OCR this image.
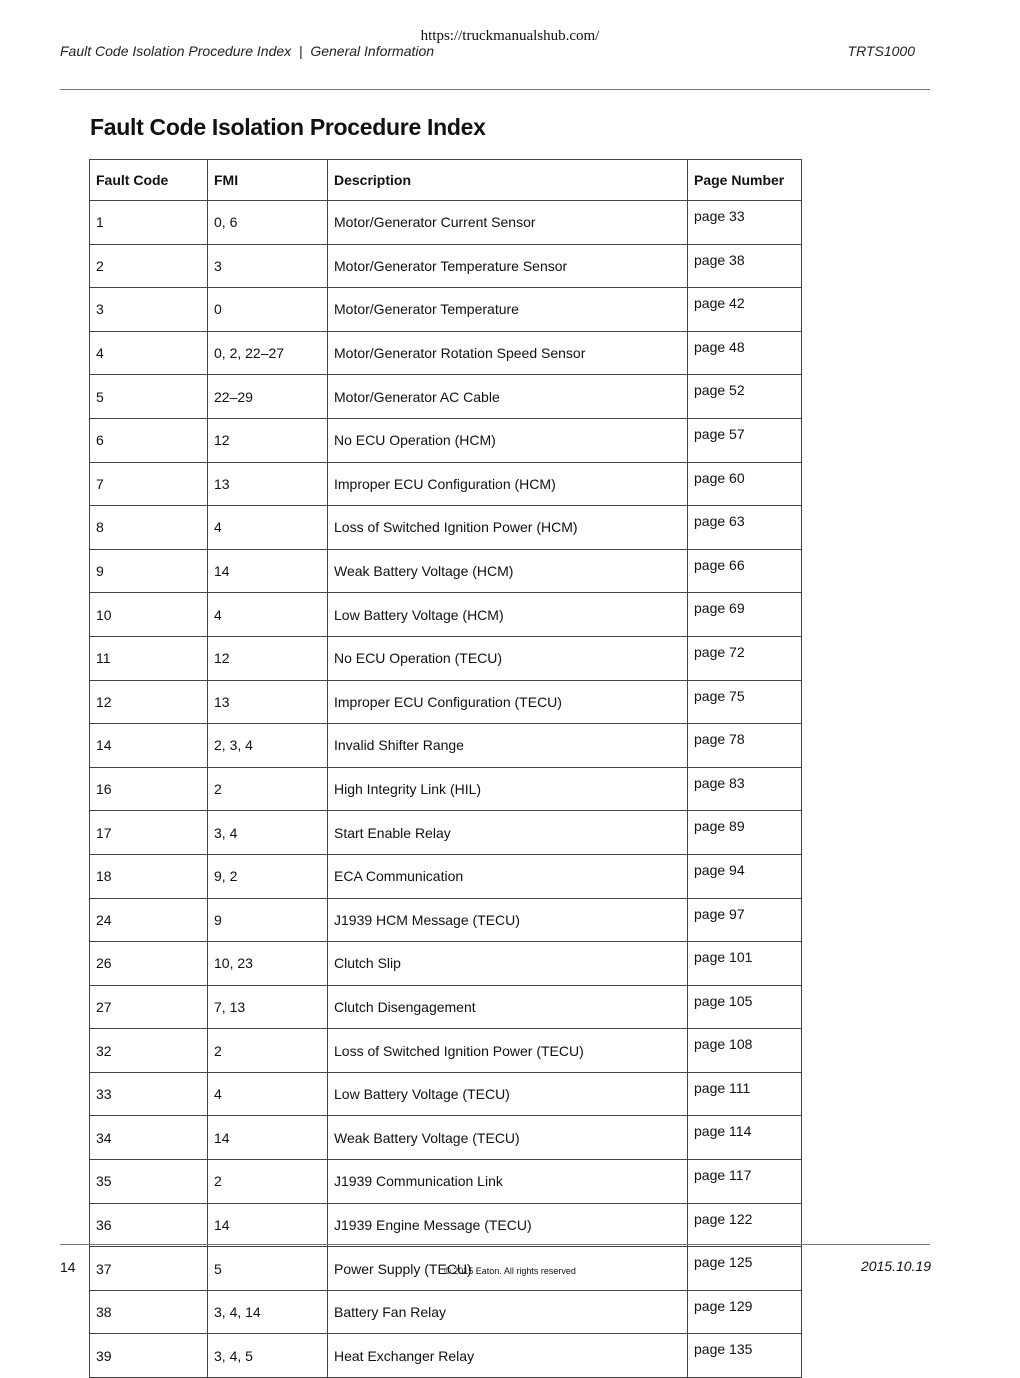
https://truckmanualshub.com/
Fault Code Isolation Procedure Index  |  General Information	TRTS1000
Fault Code Isolation Procedure Index
Fault Code	FMI	Description	Page Number
1	0, 6	Motor/Generator Current Sensor	page 33
2	3	Motor/Generator Temperature Sensor	page 38
3	0	Motor/Generator Temperature	page 42
4	0, 2, 22–27	Motor/Generator Rotation Speed Sensor	page 48
5	22–29	Motor/Generator AC Cable	page 52
6	12	No ECU Operation (HCM)	page 57
7	13	Improper ECU Configuration (HCM)	page 60
8	4	Loss of Switched Ignition Power (HCM)	page 63
9	14	Weak Battery Voltage (HCM)	page 66
10	4	Low Battery Voltage (HCM)	page 69
11	12	No ECU Operation (TECU)	page 72
12	13	Improper ECU Configuration (TECU)	page 75
14	2, 3, 4	Invalid Shifter Range	page 78
16	2	High Integrity Link (HIL)	page 83
17	3, 4	Start Enable Relay	page 89
18	9, 2	ECA Communication	page 94
24	9	J1939 HCM Message (TECU)	page 97
26	10, 23	Clutch Slip	page 101
27	7, 13	Clutch Disengagement	page 105
32	2	Loss of Switched Ignition Power (TECU)	page 108
33	4	Low Battery Voltage (TECU)	page 111
34	14	Weak Battery Voltage (TECU)	page 114
35	2	J1939 Communication Link	page 117
36	14	J1939 Engine Message (TECU)	page 122
37	5	Power Supply (TECU)	page 125
38	3, 4, 14	Battery Fan Relay	page 129
39	3, 4, 5	Heat Exchanger Relay	page 135
14	© 2015 Eaton. All rights reserved	2015.10.19
